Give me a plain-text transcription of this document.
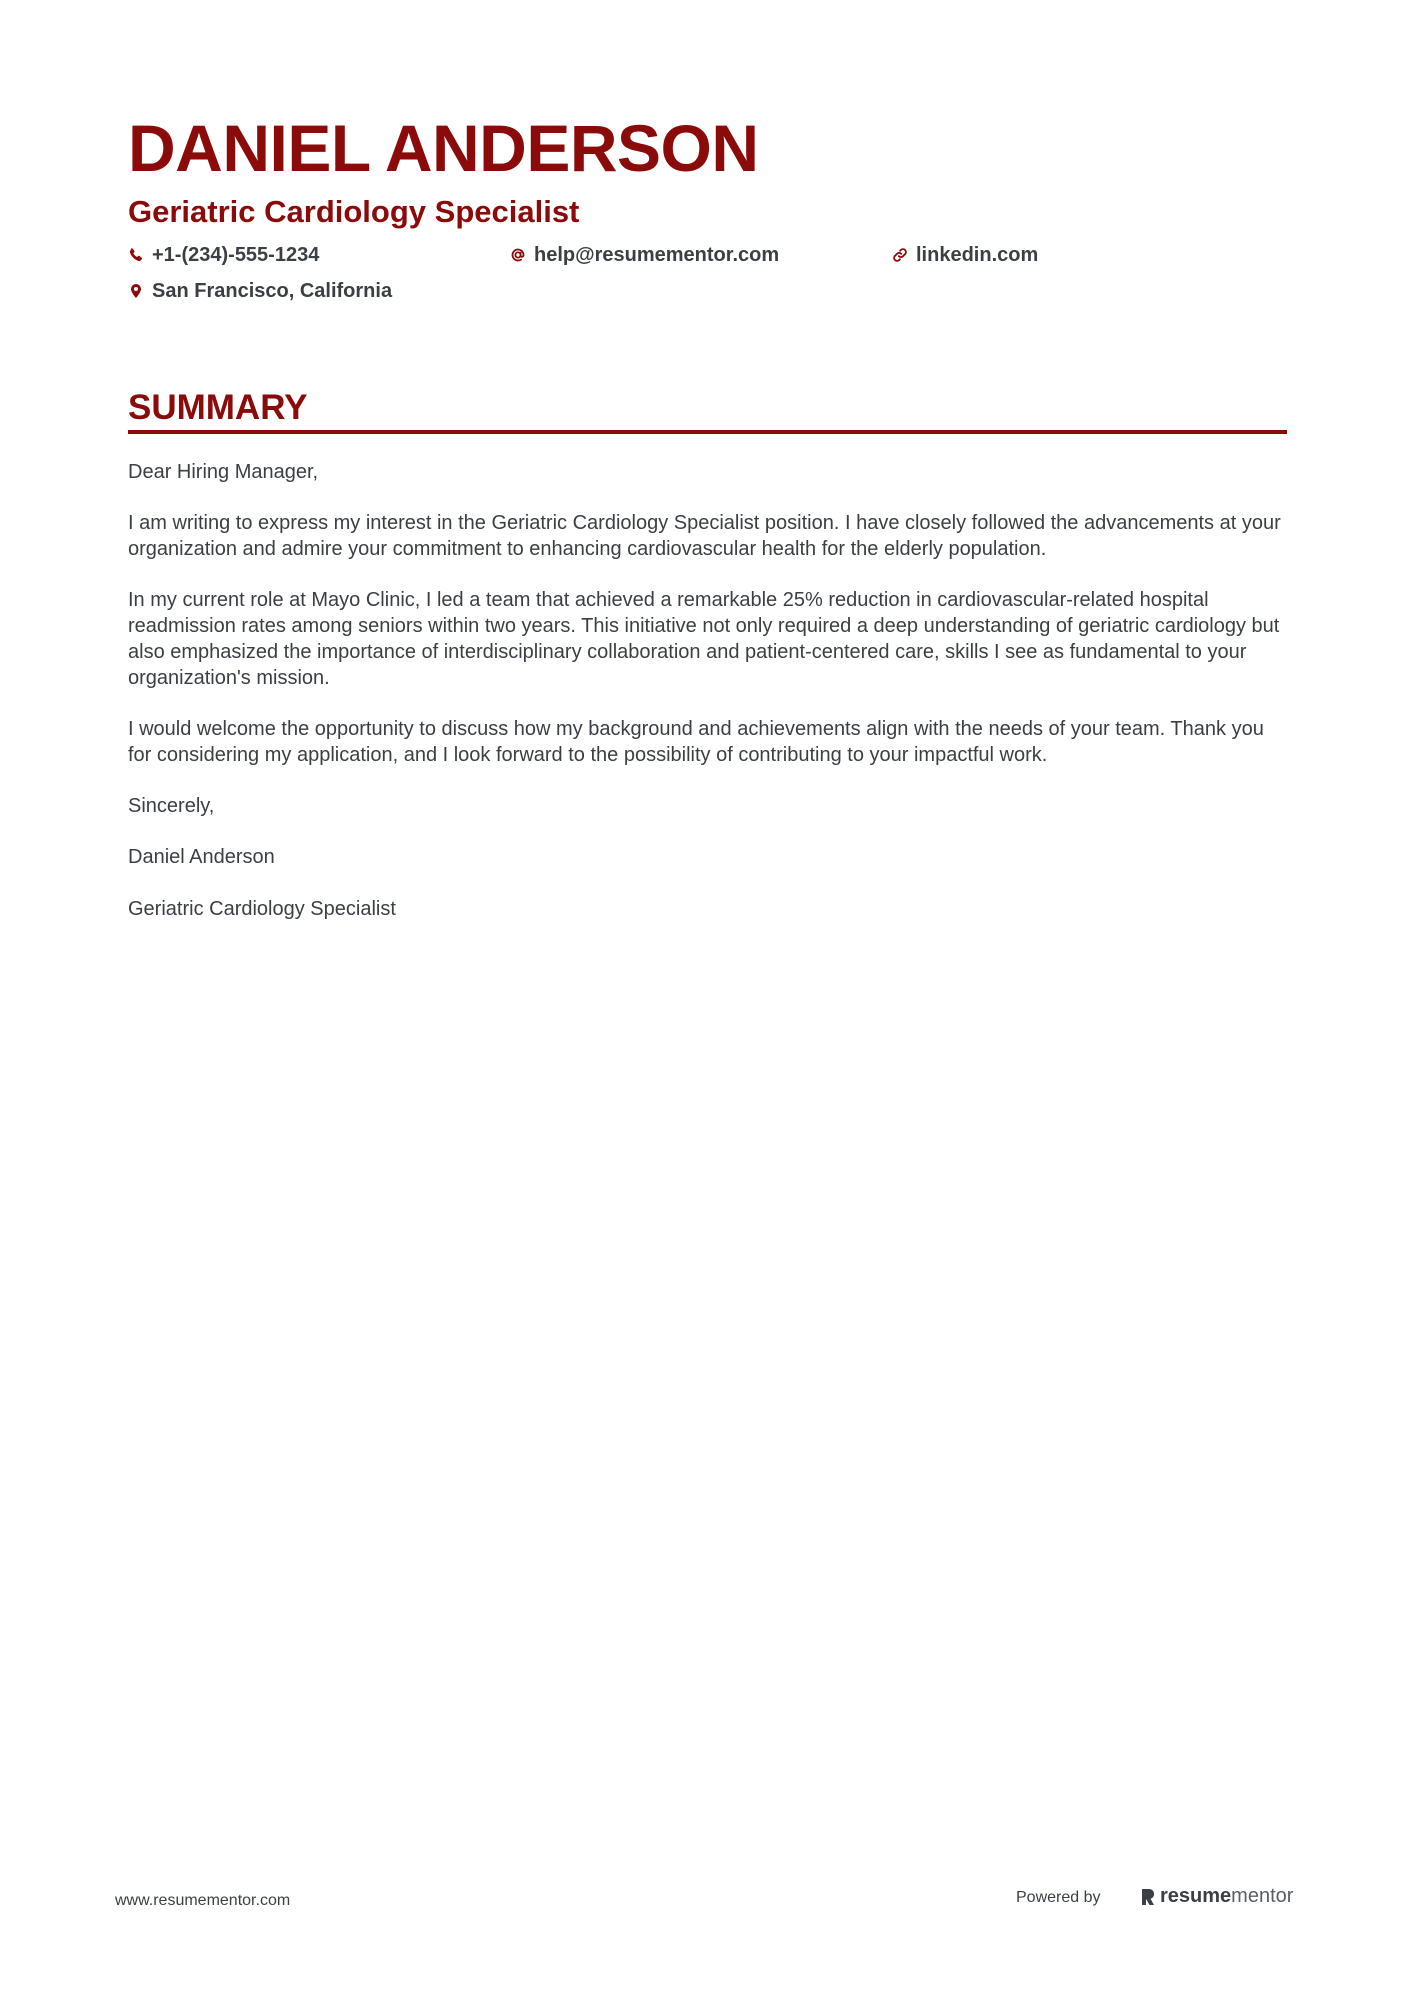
DANIEL ANDERSON
Geriatric Cardiology Specialist
+1-(234)-555-1234	help@resumementor.com	linkedin.com
San Francisco, California
SUMMARY

Dear Hiring Manager,

I am writing to express my interest in the Geriatric Cardiology Specialist position. I have closely followed the advancements at your organization and admire your commitment to enhancing cardiovascular health for the elderly population.

In my current role at Mayo Clinic, I led a team that achieved a remarkable 25% reduction in cardiovascular-related hospital readmission rates among seniors within two years. This initiative not only required a deep understanding of geriatric cardiology but also emphasized the importance of interdisciplinary collaboration and patient-centered care, skills I see as fundamental to your organization's mission.

I would welcome the opportunity to discuss how my background and achievements align with the needs of your team. Thank you for considering my application, and I look forward to the possibility of contributing to your impactful work.

Sincerely,

Daniel Anderson

Geriatric Cardiology Specialist

www.resumementor.com	Powered by	resume mentor
